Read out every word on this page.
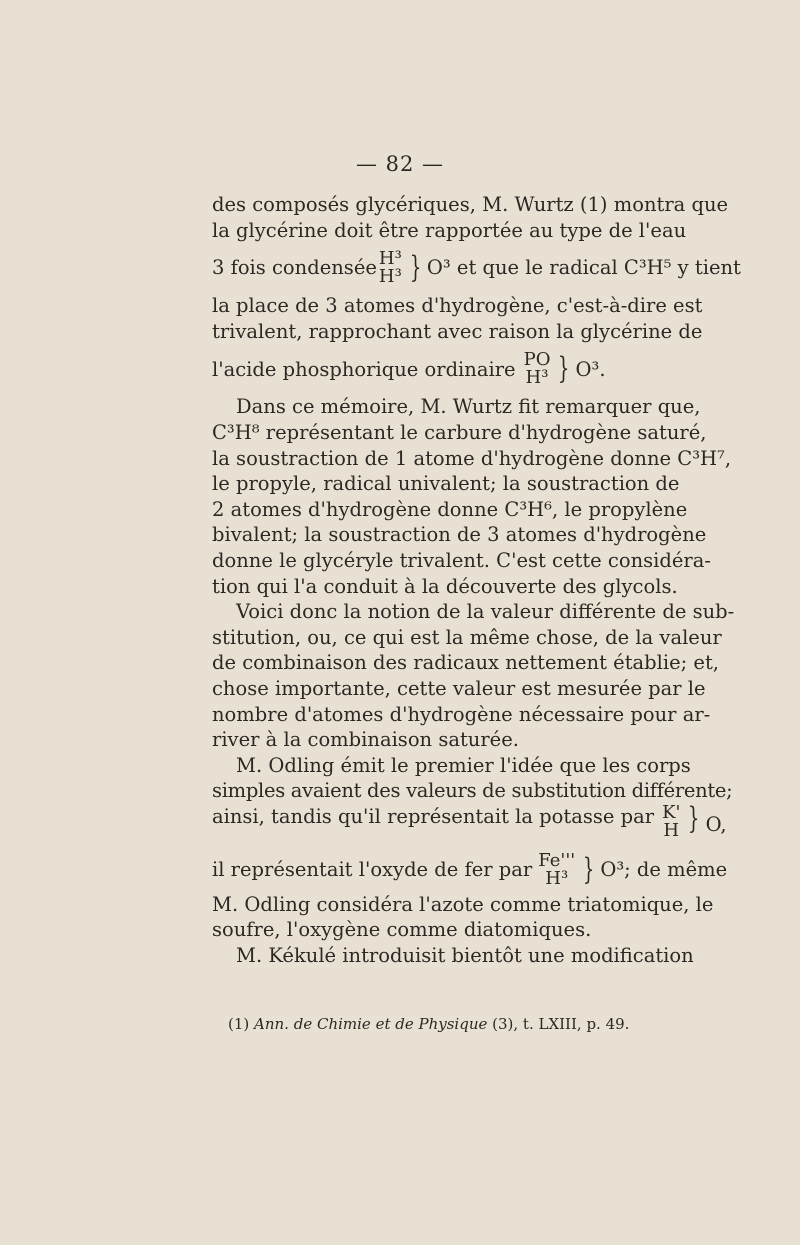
— 82 —
des composés glycériques, M. Wurtz (1) montra que
la glycérine doit être rapportée au type de l'eau
3 fois condensée H³
H³ } O³ et que le radical C³H⁵ y tient
la place de 3 atomes d'hydrogène, c'est-à-dire est
trivalent, rapprochant avec raison la glycérine de
l'acide phosphorique ordinaire PO
H³ } O³.
Dans ce mémoire, M. Wurtz fit remarquer que,
C³H⁸ représentant le carbure d'hydrogène saturé,
la soustraction de 1 atome d'hydrogène donne C³H⁷,
le propyle, radical univalent; la soustraction de
2 atomes d'hydrogène donne C³H⁶, le propylène
bivalent; la soustraction de 3 atomes d'hydrogène
donne le glycéryle trivalent. C'est cette considéra-
tion qui l'a conduit à la découverte des glycols.
Voici donc la notion de la valeur différente de sub-
stitution, ou, ce qui est la même chose, de la valeur
de combinaison des radicaux nettement établie; et,
chose importante, cette valeur est mesurée par le
nombre d'atomes d'hydrogène nécessaire pour ar-
river à la combinaison saturée.
M. Odling émit le premier l'idée que les corps
simples avaient des valeurs de substitution différente;
ainsi, tandis qu'il représentait la potasse par K'
H } O,
il représentait l'oxyde de fer par Fe'''
H³ } O³; de même
M. Odling considéra l'azote comme triatomique, le
soufre, l'oxygène comme diatomiques.
M. Kékulé introduisit bientôt une modification
(1) Ann. de Chimie et de Physique (3), t. LXIII, p. 49.
